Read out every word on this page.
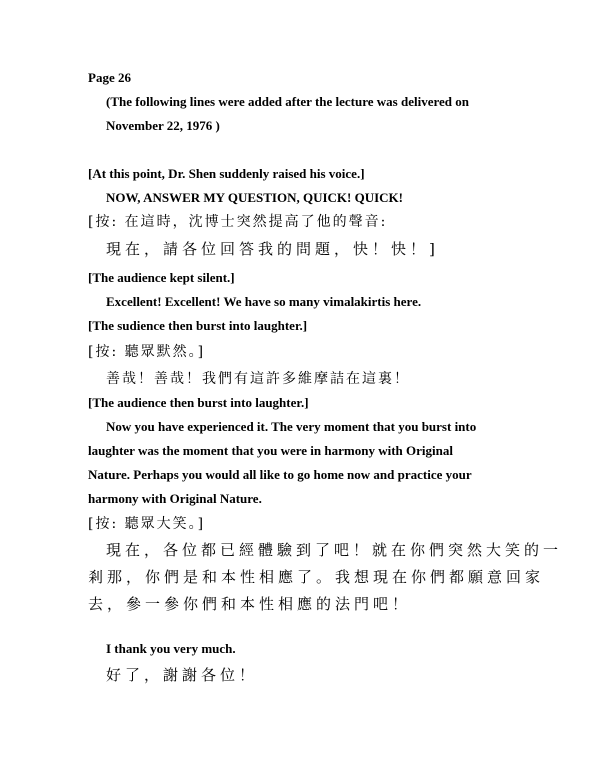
Page 26
(The following lines were added after the lecture was delivered on
November 22, 1976 )
[At this point, Dr. Shen suddenly raised his voice.]
NOW, ANSWER MY QUESTION, QUICK! QUICK!
[按: 在這時，沈博士突然提高了他的聲音:
現在，請各位回答我的問題，快！快！]
[The audience kept silent.]
Excellent! Excellent! We have so many vimalakirtis here.
[The sudience then burst into laughter.]
[按: 聽眾默然。]
善哉！善哉！我們有這許多維摩詰在這裏！
[The audience then burst into laughter.]
Now you have experienced it. The very moment that you burst into
laughter was the moment that you were in harmony with Original
Nature. Perhaps you would all like to go home now and practice your
harmony with Original Nature.
[按: 聽眾大笑。]
現在，各位都已經體驗到了吧！就在你們突然大笑的一
剎那，你們是和本性相應了。我想現在你們都願意回家
去，參一參你們和本性相應的法門吧！
I thank you very much.
好了，謝謝各位！
